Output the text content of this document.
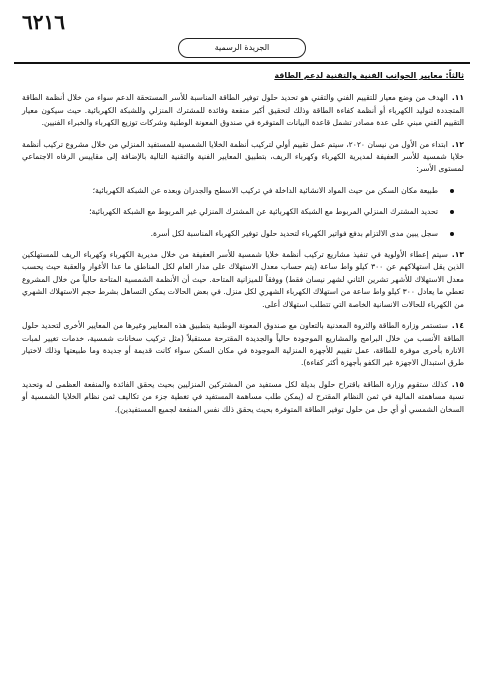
٦٢١٦
الجريدة الرسمية
ثالثاً: معايير الجوانب الفنية والتقنية لدعم الطاقة

١١.الهدف من وضع معيار للتقييم الفني والتقني هو تحديد حلول توفير الطاقة المناسبة للأسر المستحقة الدعم سواء من خلال أنظمة الطاقة المتجددة لتوليد الكهرباء أو أنظمة كفاءة الطاقة وذلك لتحقيق أكبر منفعة وفائدة للمشترك المنزلي وللشبكة الكهربائية. حيث سيكون معيار التقييم الفني مبني على عدة مصادر تشمل قاعدة البيانات المتوفرة في صندوق المعونة الوطنية وشركات توزيع الكهرباء والخبراء الفنيين.

١٢.ابتداء من الأول من نيسان ٢٠٢٠، سيتم عمل تقييم أولي لتركيب أنظمة الخلايا الشمسية للمستفيد المنزلي من خلال مشروع تركيب أنظمة خلايا شمسية للأسر العفيفة لمديرية الكهرباء وكهرباء الريف، بتطبيق المعايير الفنية والتقنية التالية بالإضافة إلى مقاييس الرفاه الاجتماعي لمستوى الأسر:

طبيعة مكان السكن من حيث المواد الانشائية الداخلة في تركيب الاسطح والجدران وبعده عن الشبكة الكهربائية؛
تحديد المشترك المنزلي المربوط مع الشبكة الكهربائية عن المشترك المنزلي غير المربوط مع الشبكة الكهربائية؛
سجل يبين مدى الالتزام بدفع فواتير الكهرباء لتحديد حلول توفير الكهرباء المناسبة لكل أسرة.

١٣.سيتم إعطاء الأولوية في تنفيذ مشاريع تركيب أنظمة خلايا شمسية للأسر العفيفة من خلال مديرية الكهرباء وكهرباء الريف للمستهلكين الذين يقل استهلاكهم عن ٣٠٠ كيلو واط ساعة (يتم حساب معدل الاستهلاك على مدار العام لكل المناطق ما عدا الأغوار والعقبة حيث يحسب معدل الاستهلاك للأشهر تشرين الثاني لشهر نيسان فقط) ووفقاً للميزانية المتاحة. حيث أن الأنظمة الشمسية المتاحة حالياً من خلال المشروع تعطي ما يعادل ٣٠٠ كيلو واط ساعة من استهلاك الكهرباء الشهري لكل منزل. في بعض الحالات يمكن التساهل بشرط حجم الاستهلاك الشهري من الكهرباء للحالات الانسانية الخاصة التي تتطلب استهلاك أعلى.

١٤.ستستمر وزارة الطاقة والثروة المعدنية بالتعاون مع صندوق المعونة الوطنية بتطبيق هذه المعايير وغيرها من المعايير الأخرى لتحديد حلول الطاقة الأنسب من خلال البرامج والمشاريع الموجودة حالياً والجديدة المقترحة مستقبلاً (مثل تركيب سخانات شمسية، خدمات تغيير لمبات الانارة بأخرى موفرة للطاقة، عمل تقييم للأجهزة المنزلية الموجودة في مكان السكن سواء كانت قديمة أو جديدة وما طبيعتها وذلك لاختيار طرق استبدال الاجهزة غير الكفو بأجهزة أكثر كفاءة).

١٥.كذلك ستقوم وزارة الطاقة باقتراح حلول بديلة لكل مستفيد من المشتركين المنزليين بحيث يحقق الفائدة والمنفعة العظمى له وتحديد نسبة مساهمته المالية في ثمن النظام المقترح له (يمكن طلب مساهمة المستفيد في تغطية جزء من تكاليف ثمن نظام الخلايا الشمسية أو السخان الشمسي أو أي حل من حلول توفير الطاقة المتوفرة بحيث يحقق ذلك نفس المنفعة لجميع المستفيدين).
